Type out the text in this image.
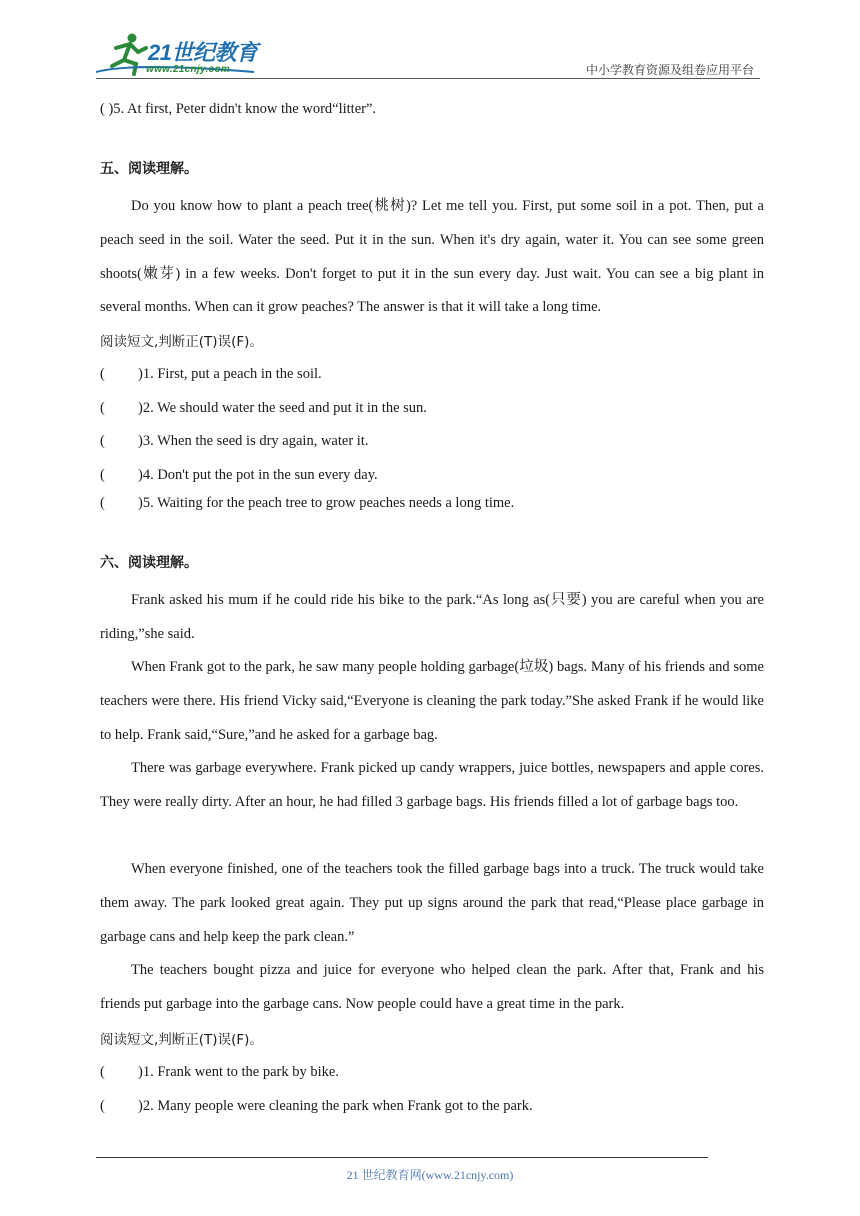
21世纪教育
www.21cnjy.com	中小学教育资源及组卷应用平台
( )5. At first, Peter didn't know the word“litter”.
五、阅读理解。
Do you know how to plant a peach tree(桃树)? Let me tell you. First, put some soil in a pot. Then, put a peach seed in the soil. Water the seed. Put it in the sun. When it's dry again, water it. You can see some green shoots(嫩芽) in a few weeks. Don't forget to put it in the sun every day. Just wait. You can see a big plant in several months. When can it grow peaches? The answer is that it will take a long time.
阅读短文,判断正(T)误(F)。
( )1. First, put a peach in the soil.
( )2. We should water the seed and put it in the sun.
( )3. When the seed is dry again, water it.
( )4. Don't put the pot in the sun every day.
( )5. Waiting for the peach tree to grow peaches needs a long time.
六、阅读理解。
Frank asked his mum if he could ride his bike to the park.“As long as(只要) you are careful when you are riding,”she said.
When Frank got to the park, he saw many people holding garbage(垃圾) bags. Many of his friends and some teachers were there. His friend Vicky said,“Everyone is cleaning the park today.”She asked Frank if he would like to help. Frank said,“Sure,”and he asked for a garbage bag.
There was garbage everywhere. Frank picked up candy wrappers, juice bottles, newspapers and apple cores. They were really dirty. After an hour, he had filled 3 garbage bags. His friends filled a lot of garbage bags too.
When everyone finished, one of the teachers took the filled garbage bags into a truck. The truck would take them away. The park looked great again. They put up signs around the park that read,“Please place garbage in garbage cans and help keep the park clean.”
The teachers bought pizza and juice for everyone who helped clean the park. After that, Frank and his friends put garbage into the garbage cans. Now people could have a great time in the park.
阅读短文,判断正(T)误(F)。
( )1. Frank went to the park by bike.
( )2. Many people were cleaning the park when Frank got to the park.
21 世纪教育网(www.21cnjy.com)
